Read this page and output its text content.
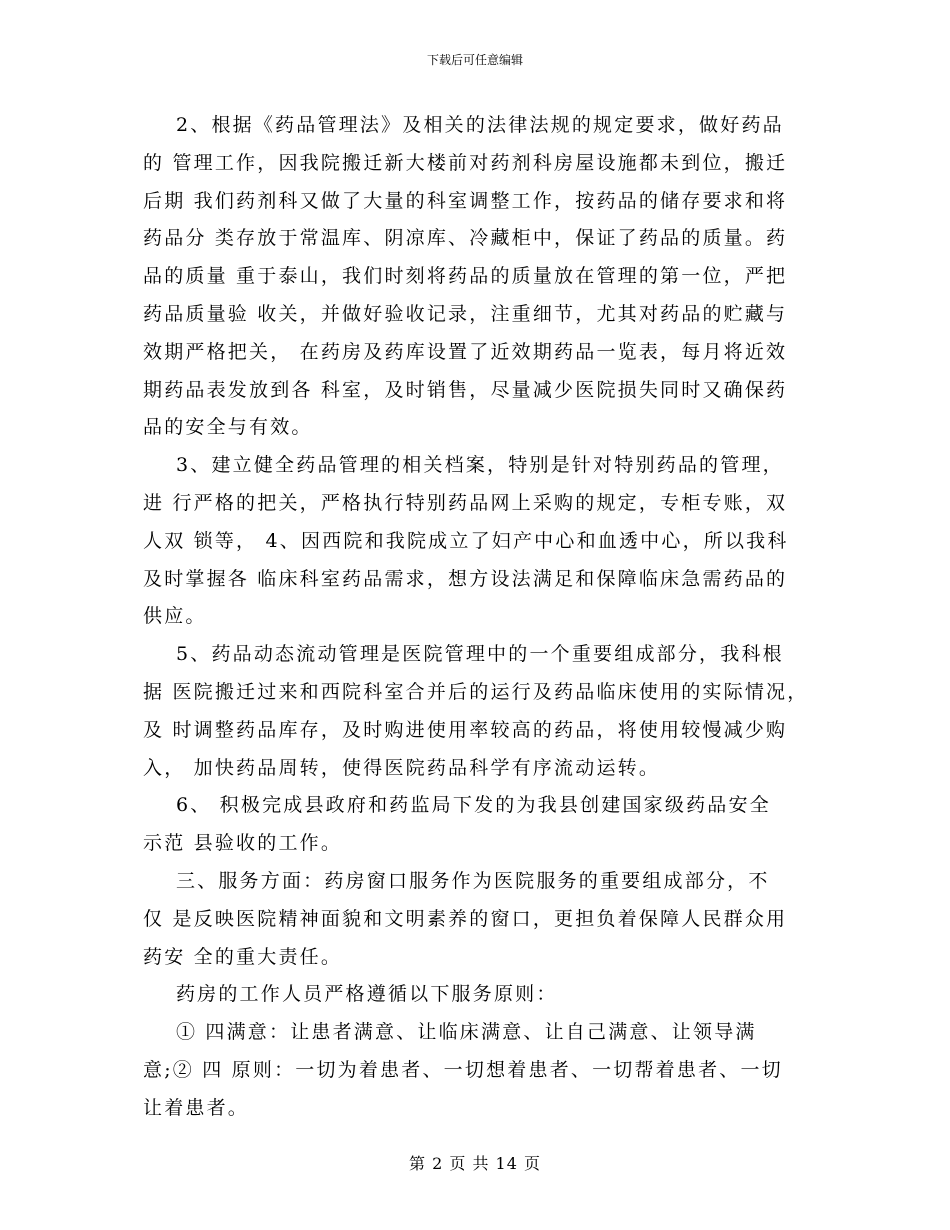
下载后可任意编辑
2、根据《药品管理法》及相关的法律法规的规定要求，做好药品
的 管理工作，因我院搬迁新大楼前对药剂科房屋设施都未到位，搬迁
后期 我们药剂科又做了大量的科室调整工作，按药品的储存要求和将
药品分 类存放于常温库、阴凉库、冷藏柜中，保证了药品的质量。药
品的质量 重于泰山，我们时刻将药品的质量放在管理的第一位，严把
药品质量验 收关，并做好验收记录，注重细节，尤其对药品的贮藏与
效期严格把关， 在药房及药库设置了近效期药品一览表，每月将近效
期药品表发放到各 科室，及时销售，尽量减少医院损失同时又确保药
品的安全与有效。
3、建立健全药品管理的相关档案，特别是针对特别药品的管理，
进 行严格的把关，严格执行特别药品网上采购的规定，专柜专账，双
人双 锁等， 4、因西院和我院成立了妇产中心和血透中心，所以我科
及时掌握各 临床科室药品需求，想方设法满足和保障临床急需药品的
供应。
5、药品动态流动管理是医院管理中的一个重要组成部分，我科根
据 医院搬迁过来和西院科室合并后的运行及药品临床使用的实际情况，
及 时调整药品库存，及时购进使用率较高的药品，将使用较慢减少购
入， 加快药品周转，使得医院药品科学有序流动运转。
6、 积极完成县政府和药监局下发的为我县创建国家级药品安全
示范 县验收的工作。
三、服务方面：药房窗口服务作为医院服务的重要组成部分，不
仅 是反映医院精神面貌和文明素养的窗口，更担负着保障人民群众用
药安 全的重大责任。
药房的工作人员严格遵循以下服务原则：
① 四满意：让患者满意、让临床满意、让自己满意、让领导满
意;② 四 原则：一切为着患者、一切想着患者、一切帮着患者、一切
让着患者。
第 2 页 共 14 页
